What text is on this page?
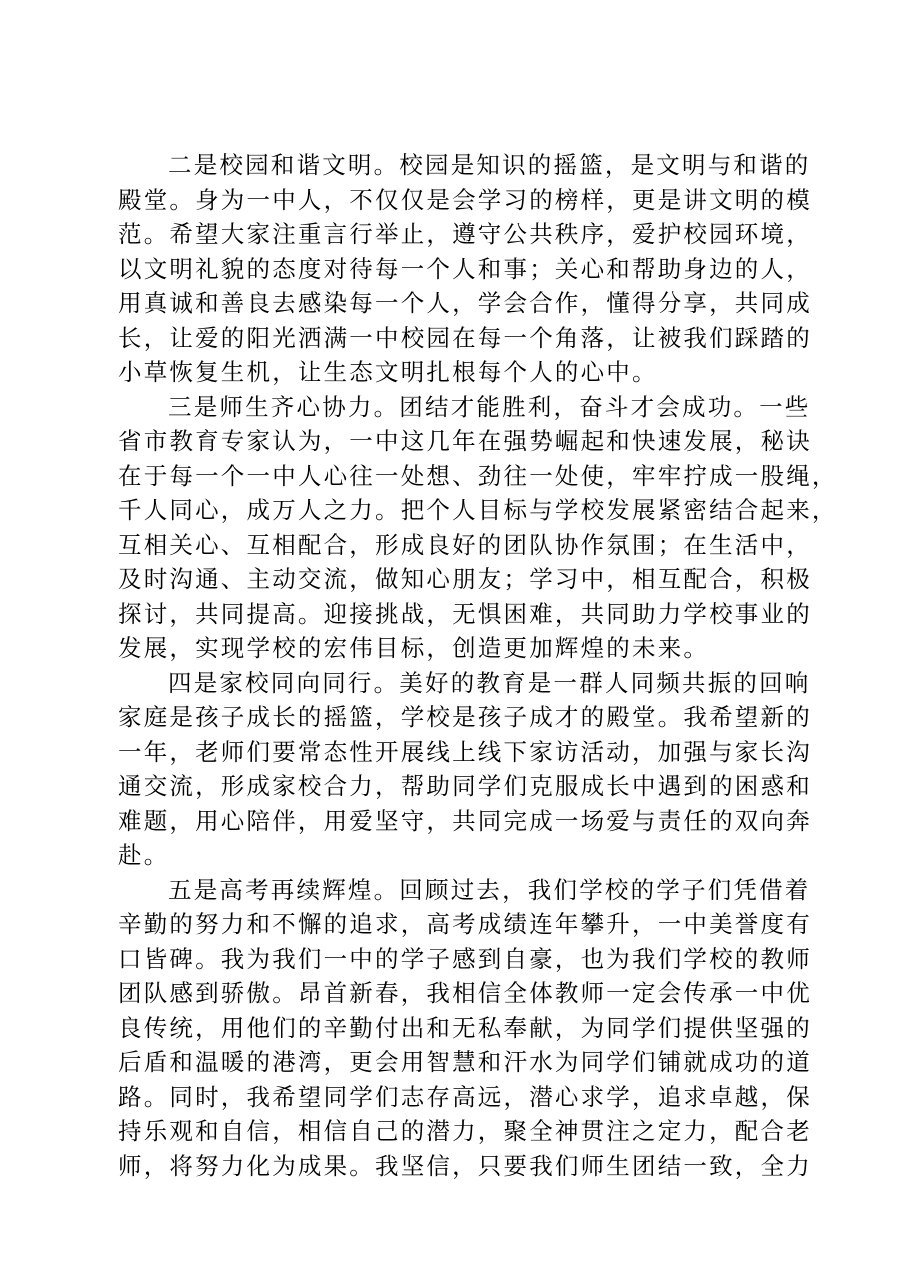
二是校园和谐文明。校园是知识的摇篮，是文明与和谐的
殿堂。身为一中人，不仅仅是会学习的榜样，更是讲文明的模
范。希望大家注重言行举止，遵守公共秩序，爱护校园环境，
以文明礼貌的态度对待每一个人和事；关心和帮助身边的人，
用真诚和善良去感染每一个人，学会合作，懂得分享，共同成
长，让爱的阳光洒满一中校园在每一个角落，让被我们踩踏的
小草恢复生机，让生态文明扎根每个人的心中。
三是师生齐心协力。团结才能胜利，奋斗才会成功。一些
省市教育专家认为，一中这几年在强势崛起和快速发展，秘诀
在于每一个一中人心往一处想、劲往一处使，牢牢拧成一股绳，
千人同心，成万人之力。把个人目标与学校发展紧密结合起来，
互相关心、互相配合，形成良好的团队协作氛围；在生活中，
及时沟通、主动交流，做知心朋友；学习中，相互配合，积极
探讨，共同提高。迎接挑战，无惧困难，共同助力学校事业的
发展，实现学校的宏伟目标，创造更加辉煌的未来。
四是家校同向同行。美好的教育是一群人同频共振的回响
家庭是孩子成长的摇篮，学校是孩子成才的殿堂。我希望新的
一年，老师们要常态性开展线上线下家访活动，加强与家长沟
通交流，形成家校合力，帮助同学们克服成长中遇到的困惑和
难题，用心陪伴，用爱坚守，共同完成一场爱与责任的双向奔
赴。
五是高考再续辉煌。回顾过去，我们学校的学子们凭借着
辛勤的努力和不懈的追求，高考成绩连年攀升，一中美誉度有
口皆碑。我为我们一中的学子感到自豪，也为我们学校的教师
团队感到骄傲。昂首新春，我相信全体教师一定会传承一中优
良传统，用他们的辛勤付出和无私奉献，为同学们提供坚强的
后盾和温暖的港湾，更会用智慧和汗水为同学们铺就成功的道
路。同时，我希望同学们志存高远，潜心求学，追求卓越，保
持乐观和自信，相信自己的潜力，聚全神贯注之定力，配合老
师，将努力化为成果。我坚信，只要我们师生团结一致，全力
